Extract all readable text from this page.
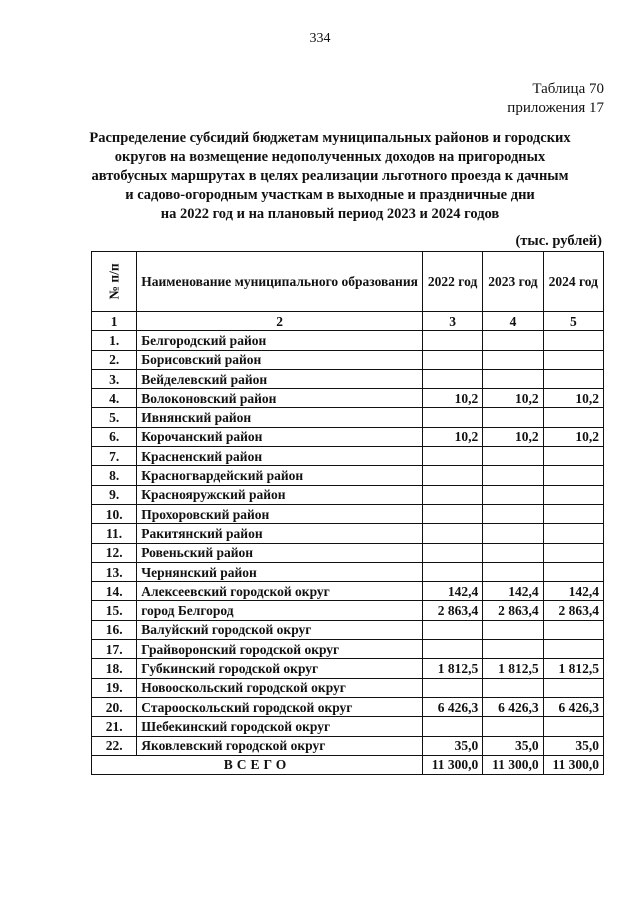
334
Таблица 70
приложения 17
Распределение субсидий бюджетам муниципальных районов и городских
округов на возмещение недополученных доходов на пригородных
автобусных маршрутах в целях реализации льготного проезда к дачным
и садово-огородным участкам в выходные и праздничные дни
на 2022 год и на плановый период 2023 и 2024 годов
(тыс. рублей)
№ п/п	Наименование муниципального образования	2022 год	2023 год	2024 год
1	2	3	4	5
1.	Белгородский район			
2.	Борисовский район			
3.	Вейделевский район			
4.	Волоконовский район	10,2	10,2	10,2
5.	Ивнянский район			
6.	Корочанский район	10,2	10,2	10,2
7.	Красненский район			
8.	Красногвардейский район			
9.	Краснояружский район			
10.	Прохоровский район			
11.	Ракитянский район			
12.	Ровеньский район			
13.	Чернянский район			
14.	Алексеевский городской округ	142,4	142,4	142,4
15.	город Белгород	2 863,4	2 863,4	2 863,4
16.	Валуйский городской округ			
17.	Грайворонский городской округ			
18.	Губкинский городской округ	1 812,5	1 812,5	1 812,5
19.	Новооскольский городской округ			
20.	Старооскольский городской округ	6 426,3	6 426,3	6 426,3
21.	Шебекинский городской округ			
22.	Яковлевский городской округ	35,0	35,0	35,0
ВСЕГО		11 300,0	11 300,0	11 300,0
